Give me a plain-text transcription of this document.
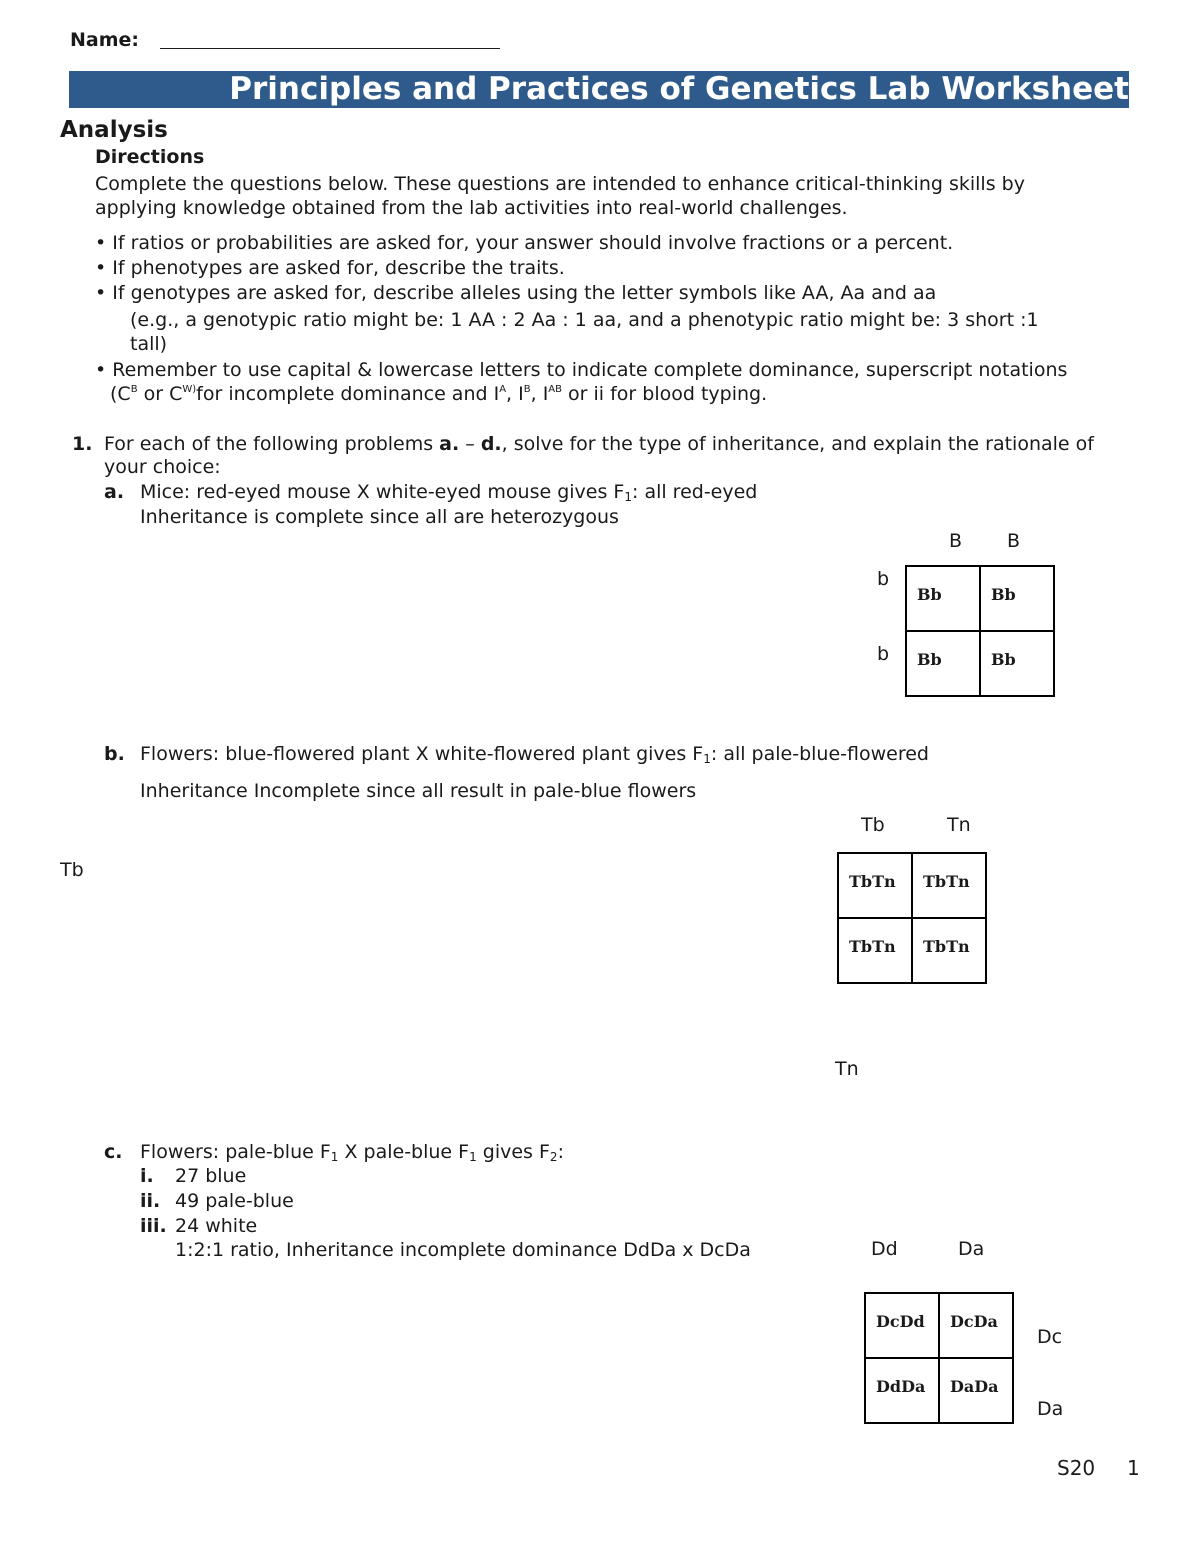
Name:
Principles and Practices of Genetics Lab Worksheet
Analysis
Directions
Complete the questions below. These questions are intended to enhance critical-thinking skills by
applying knowledge obtained from the lab activities into real-world challenges.
• If ratios or probabilities are asked for, your answer should involve fractions or a percent.
• If phenotypes are asked for, describe the traits.
• If genotypes are asked for, describe alleles using the letter symbols like AA, Aa and aa
(e.g., a genotypic ratio might be: 1 AA : 2 Aa : 1 aa, and a phenotypic ratio might be: 3 short :1
tall)
• Remember to use capital & lowercase letters to indicate complete dominance, superscript notations
($C^B$ or $C^{W)}for$ incomplete dominance and $I^A$, $I^B$, $I^{AB}$ or ii for blood typing.
1. For each of the following problems a. – d., solve for the type of inheritance, and explain the rationale of
your choice:
a. Mice: red-eyed mouse X white-eyed mouse gives $F_1$: all red-eyed
Inheritance is complete since all are heterozygous
B B
b
b
Bb	Bb
Bb	Bb
b. Flowers: blue-flowered plant X white-flowered plant gives $F_1$: all pale-blue-flowered
Inheritance Incomplete since all result in pale-blue flowers
Tb	Tn
Tb
Tn
TbTn	TbTn
TbTn	TbTn
c. Flowers: pale-blue $F_1$ X pale-blue $F_1$ gives $F_2$:
i. 27 blue
ii. 49 pale-blue
iii. 24 white
1:2:1 ratio, Inheritance incomplete dominance DdDa x DcDa	Dd	Da
Dc
Da
DcDd	DcDa
DdDa	DaDa
S20 1
